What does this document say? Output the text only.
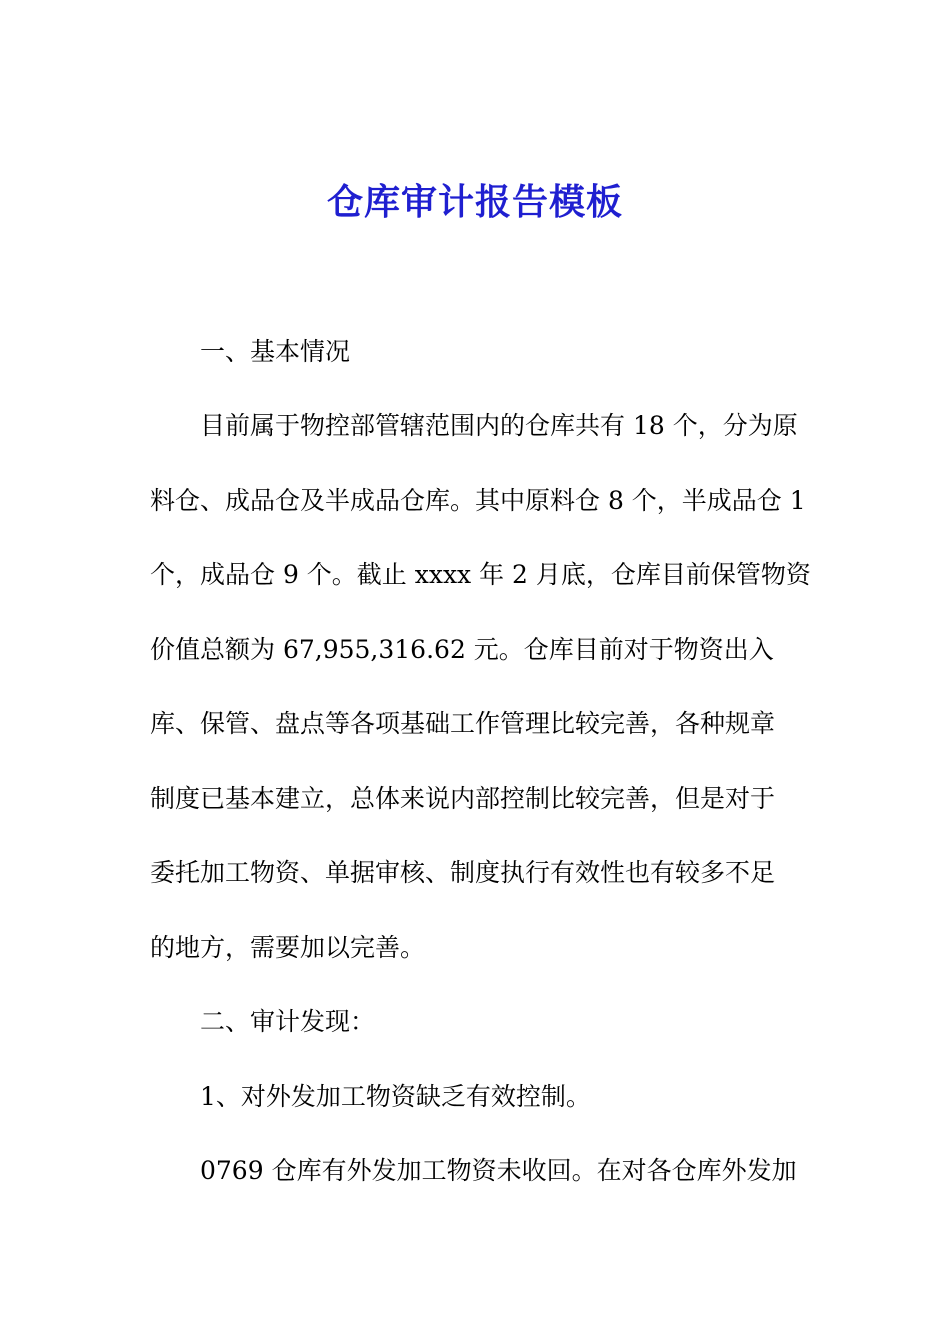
仓库审计报告模板

一、基本情况

目前属于物控部管辖范围内的仓库共有 18 个，分为原

料仓、成品仓及半成品仓库。其中原料仓 8 个，半成品仓 1

个，成品仓 9 个。截止 xxxx 年 2 月底，仓库目前保管物资

价值总额为 67,955,316.62 元。仓库目前对于物资出入

库、保管、盘点等各项基础工作管理比较完善，各种规章

制度已基本建立，总体来说内部控制比较完善，但是对于

委托加工物资、单据审核、制度执行有效性也有较多不足

的地方，需要加以完善。

二、审计发现：

1、对外发加工物资缺乏有效控制。

0769 仓库有外发加工物资未收回。在对各仓库外发加
